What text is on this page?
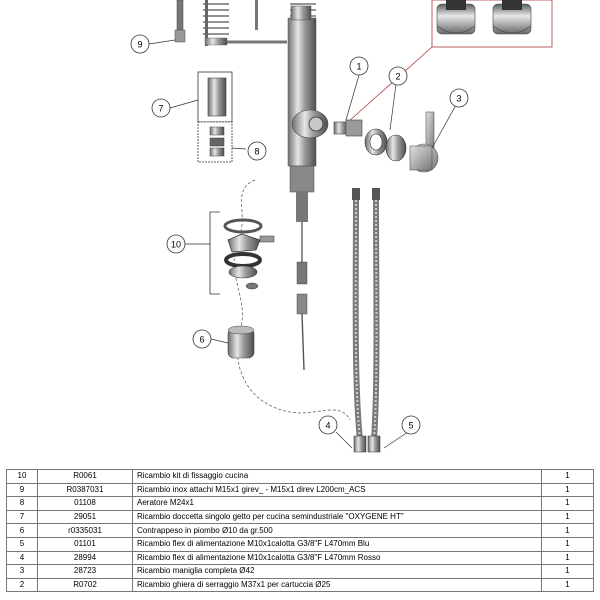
9
7
8
10
6
1
2
3
4	5
10	R0061	Ricambio kit di fissaggio cucina	1
9	R0387031	Ricambio inox attachi M15x1 girev_ - M15x1 direv L200cm_ACS	1
8	01108	Aeratore M24x1	1
7	29051	Ricambio doccetta singolo getto per cucina semindustriale "OXYGENE HT"	1
6	r0335031	Contrappeso in piombo Ø10 da gr.500	1
5	01101	Ricambio flex di alimentazione M10x1calotta G3/8"F L470mm Blu	1
4	28994	Ricambio flex di alimentazione M10x1calotta G3/8"F L470mm Rosso	1
3	28723	Ricambio maniglia completa Ø42	1
2	R0702	Ricambio ghiera di serraggio M37x1 per cartuccia Ø25	1
